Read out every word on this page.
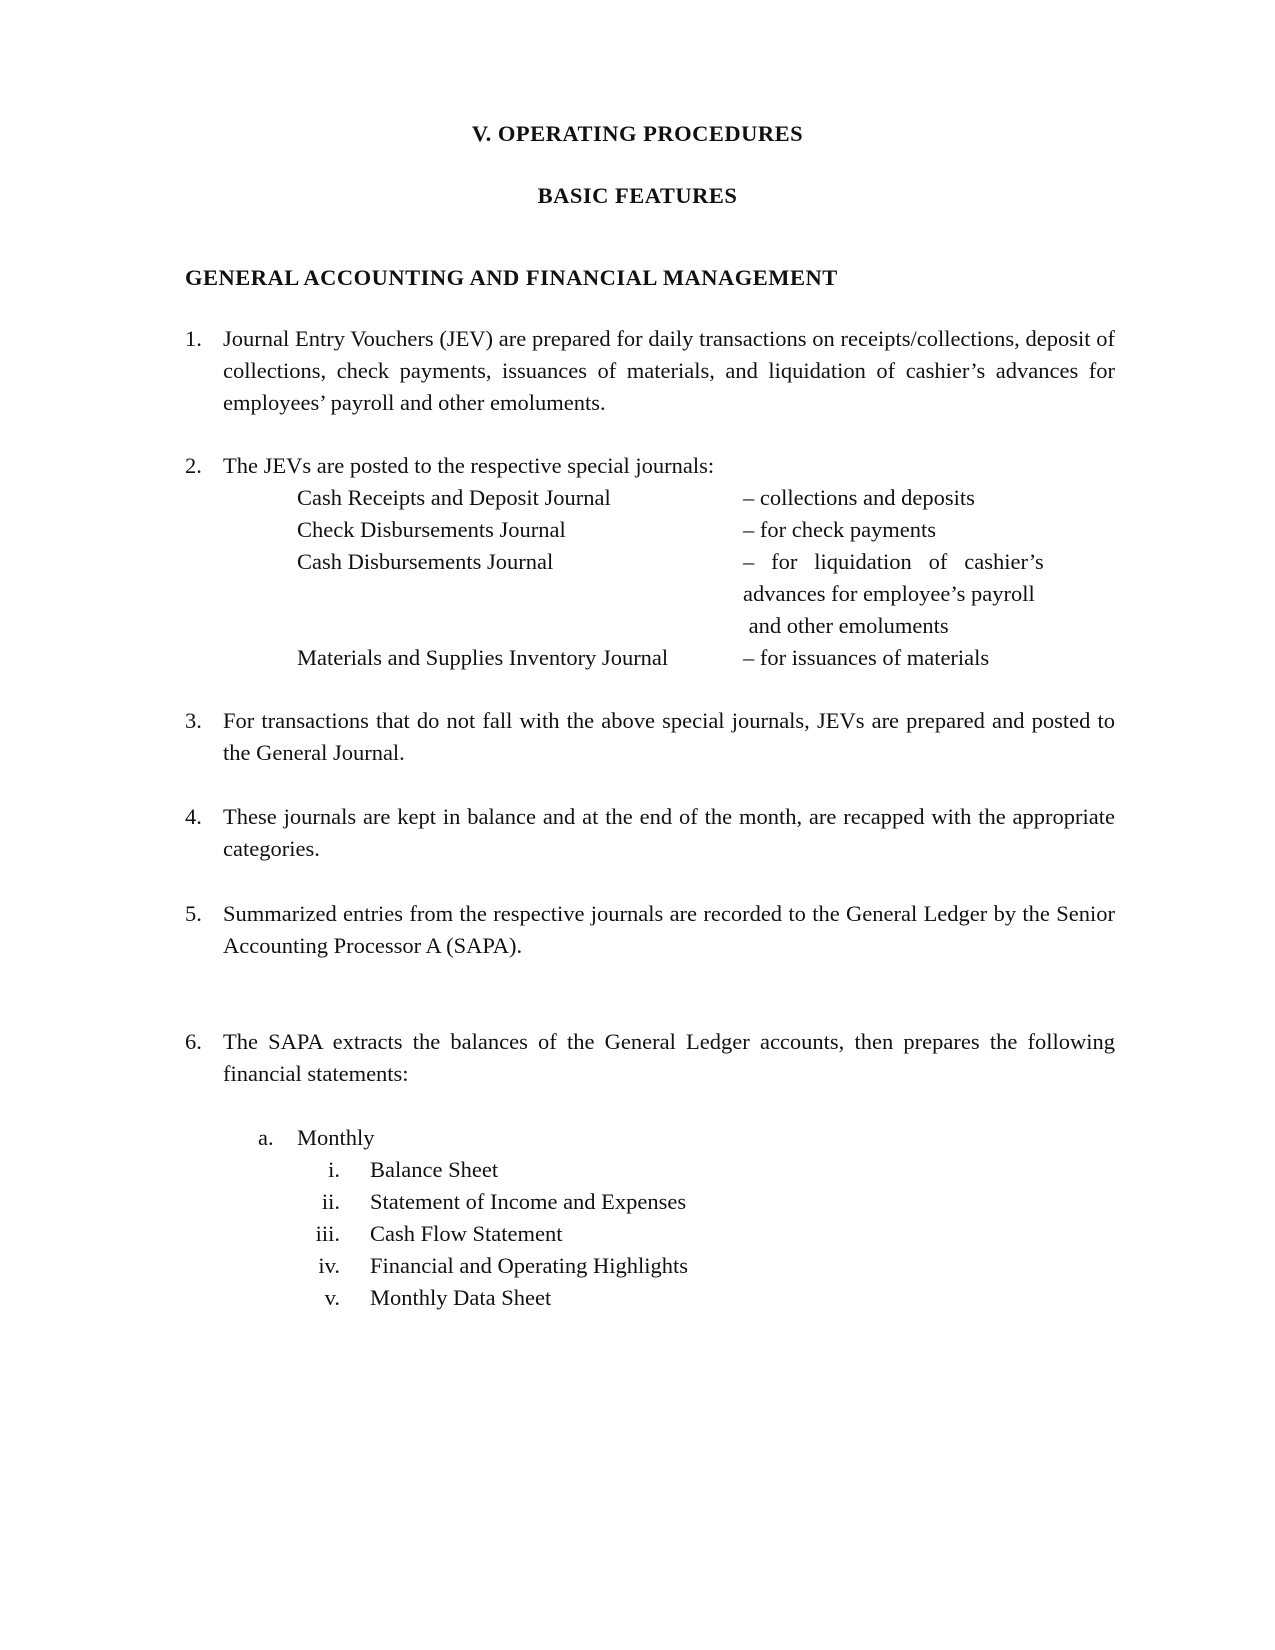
V. OPERATING PROCEDURES
BASIC FEATURES
GENERAL ACCOUNTING AND FINANCIAL MANAGEMENT
1. Journal Entry Vouchers (JEV) are prepared for daily transactions on receipts/collections, deposit of collections, check payments, issuances of materials, and liquidation of cashier’s advances for employees’ payroll and other emoluments.
2. The JEVs are posted to the respective special journals:
Cash Receipts and Deposit Journal	– collections and deposits
Check Disbursements Journal	– for check payments
Cash Disbursements Journal	–   for   liquidation   of   cashier’s
advances for employee’s payroll
and other emoluments
Materials and Supplies Inventory Journal	– for issuances of materials
3. For transactions that do not fall with the above special journals, JEVs are prepared and posted to the General Journal.
4. These journals are kept in balance and at the end of the month, are recapped with the appropriate categories.
5. Summarized entries from the respective journals are recorded to the General Ledger by the Senior Accounting Processor A (SAPA).
6. The SAPA extracts the balances of the General Ledger accounts, then prepares the following financial statements:
a. Monthly
i. Balance Sheet
ii. Statement of Income and Expenses
iii. Cash Flow Statement
iv. Financial and Operating Highlights
v. Monthly Data Sheet
